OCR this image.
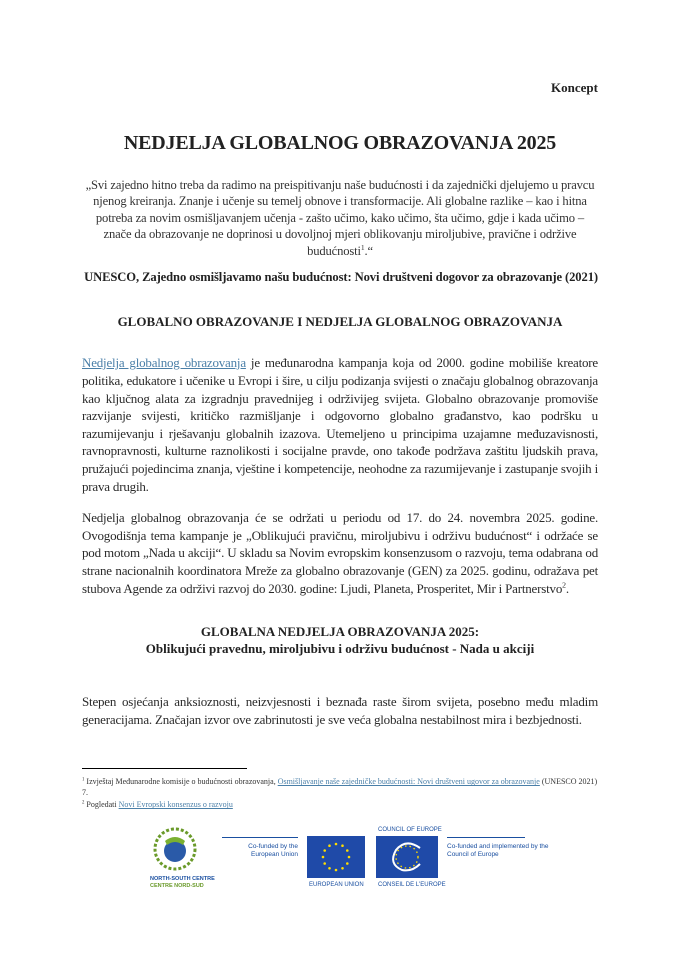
Koncept
NEDJELJA GLOBALNOG OBRAZOVANJA 2025
„Svi zajedno hitno treba da radimo na preispitivanju naše budućnosti i da zajednički djelujemo u pravcu njenog kreiranja. Znanje i učenje su temelj obnove i transformacije. Ali globalne razlike – kao i hitna potreba za novim osmišljavanjem učenja - zašto učimo, kako učimo, šta učimo, gdje i kada učimo – znače da obrazovanje ne doprinosi u dovoljnoj mjeri oblikovanju miroljubive, pravične i održive budućnosti$^1$.“
UNESCO, Zajedno osmišljavamo našu budućnost: Novi društveni dogovor za obrazovanje (2021)
GLOBALNO OBRAZOVANJE I NEDJELJA GLOBALNOG OBRAZOVANJA

Nedjelja globalnog obrazovanja je međunarodna kampanja koja od 2000. godine mobiliše kreatore politika, edukatore i učenike u Evropi i šire, u cilju podizanja svijesti o značaju globalnog obrazovanja kao ključnog alata za izgradnju pravednijeg i održivijeg svijeta. Globalno obrazovanje promoviše razvijanje svijesti, kritičko razmišljanje i odgovorno globalno građanstvo, kao podršku u razumijevanju i rješavanju globalnih izazova. Utemeljeno u principima uzajamne međuzavisnosti, ravnopravnosti, kulturne raznolikosti i socijalne pravde, ono takođe podržava zaštitu ljudskih prava, pružajući pojedincima znanja, vještine i kompetencije, neohodne za razumijevanje i zastupanje svojih i prava drugih.

Nedjelja globalnog obrazovanja će se održati u periodu od 17. do 24. novembra 2025. godine. Ovogodišnja tema kampanje je „Oblikujući pravičnu, miroljubivu i održivu budućnost“ i održaće se pod motom „Nada u akciji“. U skladu sa Novim evropskim konsenzusom o razvoju, tema odabrana od strane nacionalnih koordinatora Mreže za globalno obrazovanje (GEN) za 2025. godinu, odražava pet stubova Agende za održivi razvoj do 2030. godine: Ljudi, Planeta, Prosperitet, Mir i Partnerstvo$^2$.

GLOBALNA NEDJELJA OBRAZOVANJA 2025:
Oblikujući pravednu, miroljubivu i održivu budućnost - Nada u akciji

Stepen osjećanja anksioznosti, neizvjesnosti i beznađa raste širom svijeta, posebno među mladim generacijama. Značajan izvor ove zabrinutosti je sve veća globalna nestabilnost mira i bezbjednosti.

$^1$ Izvještaj Međunarodne komisije o budućnosti obrazovanja, Osmišljavanje naše zajedničke budućnosti: Novi društveni ugovor za obrazovanje (UNESCO 2021) 7.
$^2$ Pogledati Novi Evropski konsenzus o razvoju
NORTH-SOUTH CENTRE
CENTRE NORD-SUD
Co-funded by the European Union
EUROPEAN UNION
COUNCIL OF EUROPE
CONSEIL DE L'EUROPE
Co-funded and implemented by the Council of Europe
